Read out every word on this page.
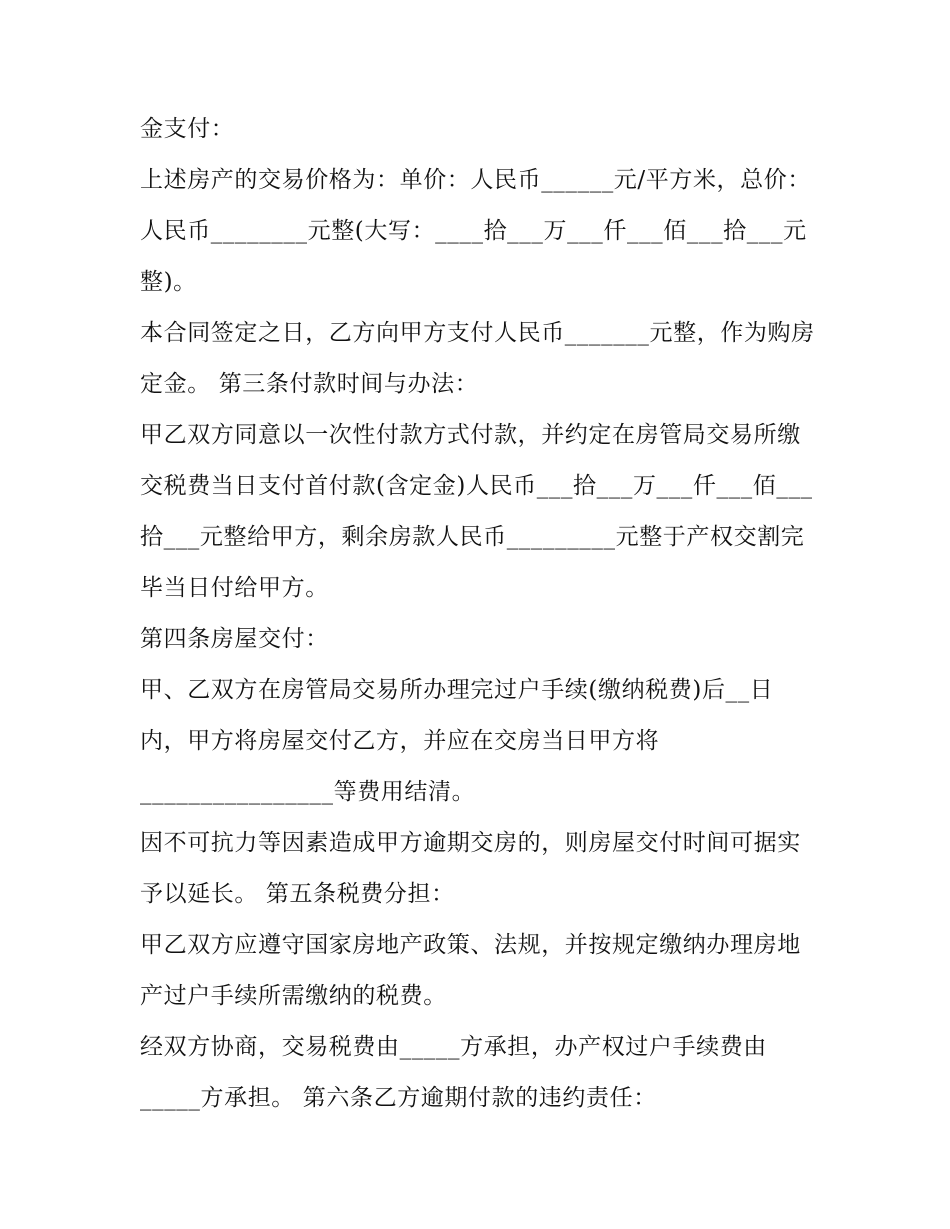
金支付：

上述房产的交易价格为：单价：人民币______元/平方米，总价：人民币________元整(大写：____拾___万___仟___佰___拾___元整)。

本合同签定之日，乙方向甲方支付人民币_______元整，作为购房定金。 第三条付款时间与办法：

甲乙双方同意以一次性付款方式付款，并约定在房管局交易所缴交税费当日支付首付款(含定金)人民币___拾___万___仟___佰___拾___元整给甲方，剩余房款人民币_________元整于产权交割完毕当日付给甲方。

第四条房屋交付：

甲、乙双方在房管局交易所办理完过户手续(缴纳税费)后__日内，甲方将房屋交付乙方，并应在交房当日甲方将________________等费用结清。

因不可抗力等因素造成甲方逾期交房的，则房屋交付时间可据实予以延长。 第五条税费分担：

甲乙双方应遵守国家房地产政策、法规，并按规定缴纳办理房地产过户手续所需缴纳的税费。

经双方协商，交易税费由_____方承担，办产权过户手续费由_____方承担。 第六条乙方逾期付款的违约责任：
